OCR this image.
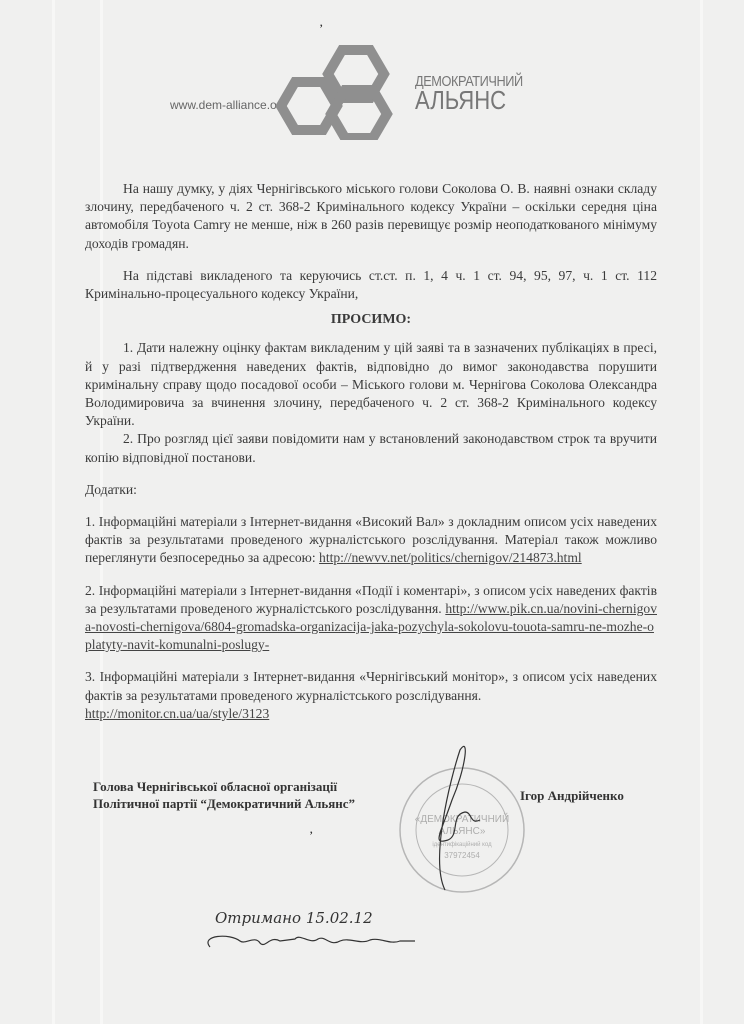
,
www.dem-alliance.org
ДЕМОКРАТИЧНИЙ
АЛЬЯНС

На нашу думку, у діях Чернігівського міського голови Соколова О. В. наявні ознаки складу злочину, передбаченого ч. 2 ст. 368-2 Кримінального кодексу України – оскільки середня ціна автомобіля Toyota Camry не менше, ніж в 260 разів перевищує розмір неоподаткованого мінімуму доходів громадян.

На підставі викладеного та керуючись ст.ст. п. 1, 4 ч. 1 ст. 94, 95, 97, ч. 1 ст. 112 Кримінально-процесуального кодексу України,

ПРОСИМО:

1. Дати належну оцінку фактам викладеним у цій заяві та в зазначених публікаціях в пресі, й у разі підтвердження наведених фактів, відповідно до вимог законодавства порушити кримінальну справу щодо посадової особи – Міського голови м. Чернігова Соколова Олександра Володимировича за вчинення злочину, передбаченого ч. 2 ст. 368-2 Кримінального кодексу України.

2. Про розгляд цієї заяви повідомити нам у встановлений законодавством строк та вручити копію відповідної постанови.

Додатки:

1. Інформаційні матеріали з Інтернет-видання «Високий Вал» з докладним описом усіх наведених фактів за результатами проведеного журналістського розслідування. Матеріал також можливо переглянути безпосередньо за адресою: http://newvv.net/politics/chernigov/214873.html

2. Інформаційні матеріали з Інтернет-видання «Події і коментарі», з описом усіх наведених фактів за результатами проведеного журналістського розслідування. http://www.pik.cn.ua/novini-chernigova-novosti-chernigova/6804-gromadska-organizacija-jaka-pozychyla-sokolovu-touota-samru-ne-mozhe-oplatyty-navit-komunalni-poslugy-

3. Інформаційні матеріали з Інтернет-видання «Чернігівський монітор», з описом усіх наведених фактів за результатами проведеного журналістського розслідування.
http://monitor.cn.ua/ua/style/3123

Голова Чернігівської обласної організації
Політичної партії “Демократичний Альянс”
Ігор Андрійченко
«ДЕМОКРАТИЧНИЙ
АЛЬЯНС»
ідентифікаційний код
37972454
,
Отримано 15.02.12
